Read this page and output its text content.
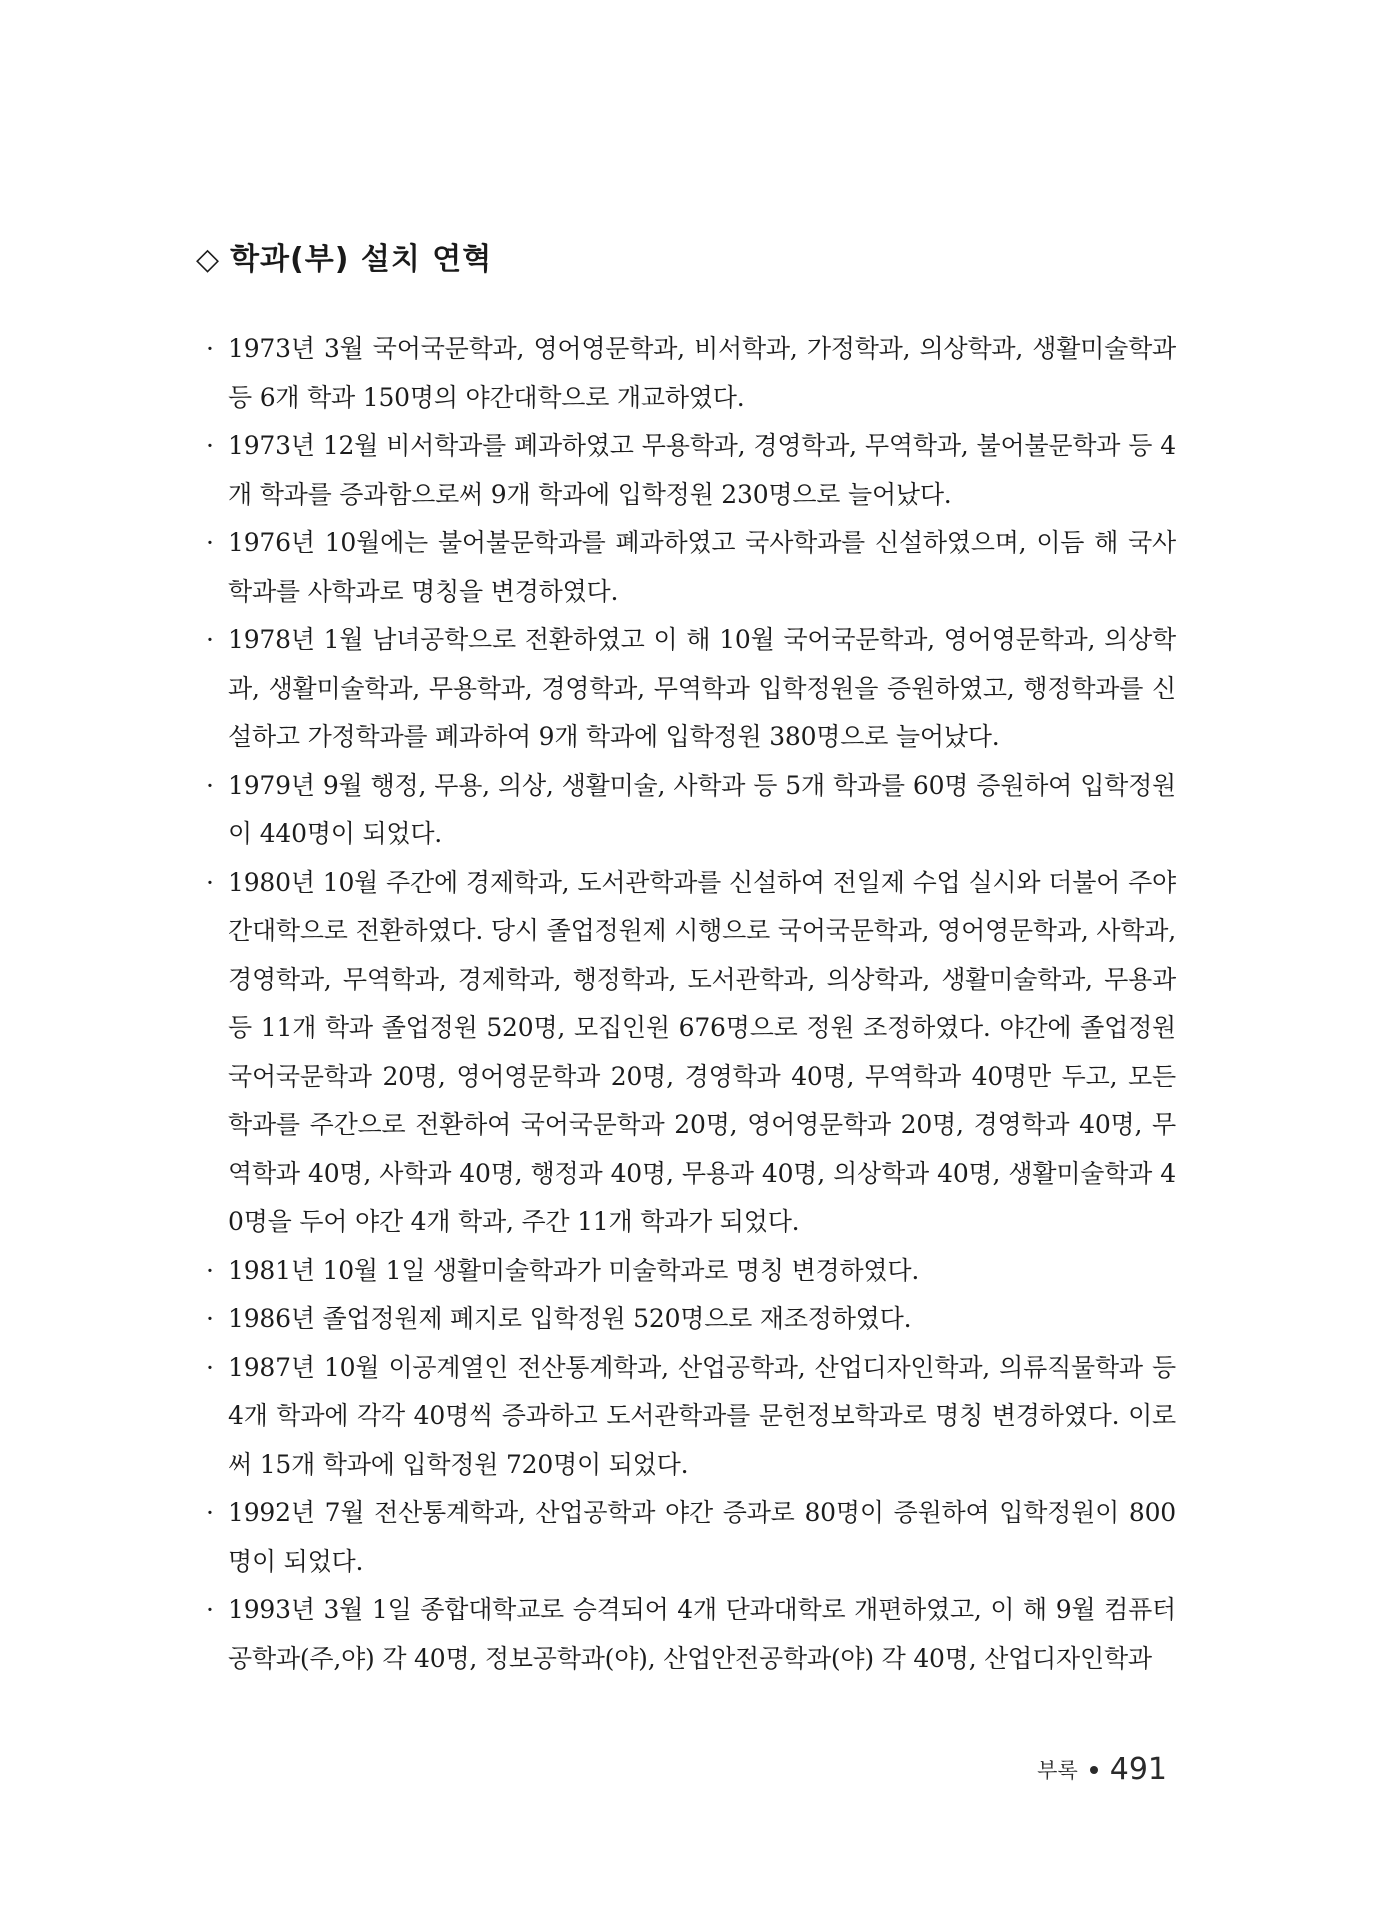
◇ 학과(부) 설치 연혁
· 1973년 3월 국어국문학과, 영어영문학과, 비서학과, 가정학과, 의상학과, 생활미술학과 등 6개 학과 150명의 야간대학으로 개교하였다.
· 1973년 12월 비서학과를 폐과하였고 무용학과, 경영학과, 무역학과, 불어불문학과 등 4개 학과를 증과함으로써 9개 학과에 입학정원 230명으로 늘어났다.
· 1976년 10월에는 불어불문학과를 폐과하였고 국사학과를 신설하였으며, 이듬 해 국사학과를 사학과로 명칭을 변경하였다.
· 1978년 1월 남녀공학으로 전환하였고 이 해 10월 국어국문학과, 영어영문학과, 의상학과, 생활미술학과, 무용학과, 경영학과, 무역학과 입학정원을 증원하였고, 행정학과를 신설하고 가정학과를 폐과하여 9개 학과에 입학정원 380명으로 늘어났다.
· 1979년 9월 행정, 무용, 의상, 생활미술, 사학과 등 5개 학과를 60명 증원하여 입학정원이 440명이 되었다.
· 1980년 10월 주간에 경제학과, 도서관학과를 신설하여 전일제 수업 실시와 더불어 주야간대학으로 전환하였다. 당시 졸업정원제 시행으로 국어국문학과, 영어영문학과, 사학과, 경영학과, 무역학과, 경제학과, 행정학과, 도서관학과, 의상학과, 생활미술학과, 무용과 등 11개 학과 졸업정원 520명, 모집인원 676명으로 정원 조정하였다. 야간에 졸업정원 국어국문학과 20명, 영어영문학과 20명, 경영학과 40명, 무역학과 40명만 두고, 모든 학과를 주간으로 전환하여 국어국문학과 20명, 영어영문학과 20명, 경영학과 40명, 무역학과 40명, 사학과 40명, 행정과 40명, 무용과 40명, 의상학과 40명, 생활미술학과 40명을 두어 야간 4개 학과, 주간 11개 학과가 되었다.
· 1981년 10월 1일 생활미술학과가 미술학과로 명칭 변경하였다.
· 1986년 졸업정원제 폐지로 입학정원 520명으로 재조정하였다.
· 1987년 10월 이공계열인 전산통계학과, 산업공학과, 산업디자인학과, 의류직물학과 등 4개 학과에 각각 40명씩 증과하고 도서관학과를 문헌정보학과로 명칭 변경하였다. 이로써 15개 학과에 입학정원 720명이 되었다.
· 1992년 7월 전산통계학과, 산업공학과 야간 증과로 80명이 증원하여 입학정원이 800명이 되었다.
· 1993년 3월 1일 종합대학교로 승격되어 4개 단과대학로 개편하였고, 이 해 9월 컴퓨터공학과(주,야) 각 40명, 정보공학과(야), 산업안전공학과(야) 각 40명, 산업디자인학과
부록 491
